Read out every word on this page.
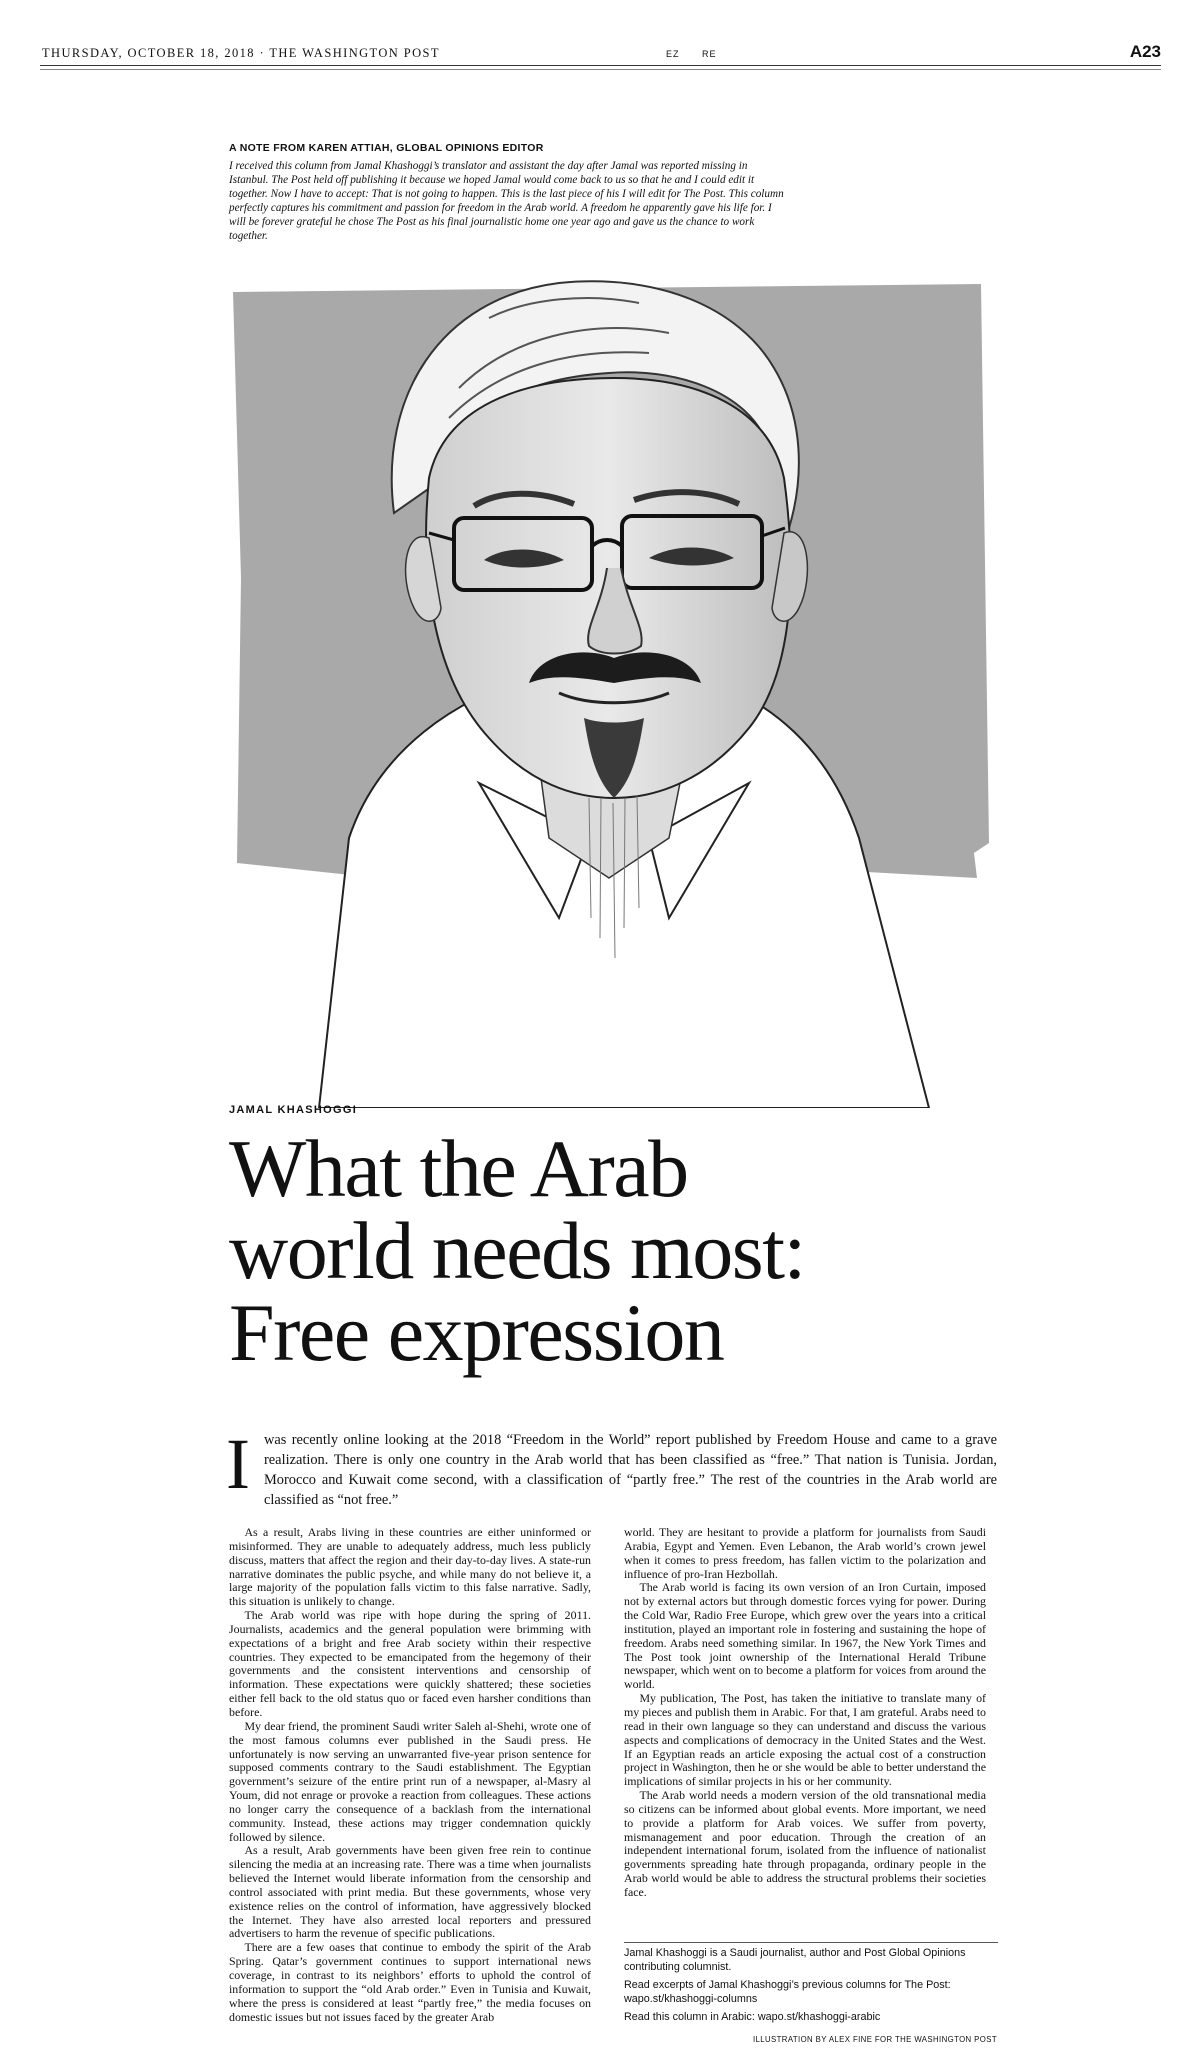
THURSDAY, OCTOBER 18, 2018 · THE WASHINGTON POST	EZ RE	A23
A NOTE FROM KAREN ATTIAH, GLOBAL OPINIONS EDITOR
I received this column from Jamal Khashoggi’s translator and assistant the day after Jamal was reported missing in Istanbul. The Post held off publishing it because we hoped Jamal would come back to us so that he and I could edit it together. Now I have to accept: That is not going to happen. This is the last piece of his I will edit for The Post. This column perfectly captures his commitment and passion for freedom in the Arab world. A freedom he apparently gave his life for. I will be forever grateful he chose The Post as his final journalistic home one year ago and gave us the chance to work together.
JAMAL KHASHOGGI
What the Arab
world needs most:
Free expression
I was recently online looking at the 2018 “Freedom in the World” report published by Freedom House and came to a grave realization. There is only one country in the Arab world that has been classified as “free.” That nation is Tunisia. Jordan, Morocco and Kuwait come second, with a classification of “partly free.” The rest of the countries in the Arab world are classified as “not free.”

As a result, Arabs living in these countries are either uninformed or misinformed. They are unable to adequately address, much less publicly discuss, matters that affect the region and their day-to-day lives. A state-run narrative dominates the public psyche, and while many do not believe it, a large majority of the population falls victim to this false narrative. Sadly, this situation is unlikely to change.

The Arab world was ripe with hope during the spring of 2011. Journalists, academics and the general population were brimming with expectations of a bright and free Arab society within their respective countries. They expected to be emancipated from the hegemony of their governments and the consistent interventions and censorship of information. These expectations were quickly shattered; these societies either fell back to the old status quo or faced even harsher conditions than before.

My dear friend, the prominent Saudi writer Saleh al-Shehi, wrote one of the most famous columns ever published in the Saudi press. He unfortunately is now serving an unwarranted five-year prison sentence for supposed comments contrary to the Saudi establishment. The Egyptian government’s seizure of the entire print run of a newspaper, al-Masry al Youm, did not enrage or provoke a reaction from colleagues. These actions no longer carry the consequence of a backlash from the international community. Instead, these actions may trigger condemnation quickly followed by silence.

As a result, Arab governments have been given free rein to continue silencing the media at an increasing rate. There was a time when journalists believed the Internet would liberate information from the censorship and control associated with print media. But these governments, whose very existence relies on the control of information, have aggressively blocked the Internet. They have also arrested local reporters and pressured advertisers to harm the revenue of specific publications.

There are a few oases that continue to embody the spirit of the Arab Spring. Qatar’s government continues to support international news coverage, in contrast to its neighbors’ efforts to uphold the control of information to support the “old Arab order.” Even in Tunisia and Kuwait, where the press is considered at least “partly free,” the media focuses on domestic issues but not issues faced by the greater Arab

world. They are hesitant to provide a platform for journalists from Saudi Arabia, Egypt and Yemen. Even Lebanon, the Arab world’s crown jewel when it comes to press freedom, has fallen victim to the polarization and influence of pro-Iran Hezbollah.

The Arab world is facing its own version of an Iron Curtain, imposed not by external actors but through domestic forces vying for power. During the Cold War, Radio Free Europe, which grew over the years into a critical institution, played an important role in fostering and sustaining the hope of freedom. Arabs need something similar. In 1967, the New York Times and The Post took joint ownership of the International Herald Tribune newspaper, which went on to become a platform for voices from around the world.

My publication, The Post, has taken the initiative to translate many of my pieces and publish them in Arabic. For that, I am grateful. Arabs need to read in their own language so they can understand and discuss the various aspects and complications of democracy in the United States and the West. If an Egyptian reads an article exposing the actual cost of a construction project in Washington, then he or she would be able to better understand the implications of similar projects in his or her community.

The Arab world needs a modern version of the old transnational media so citizens can be informed about global events. More important, we need to provide a platform for Arab voices. We suffer from poverty, mismanagement and poor education. Through the creation of an independent international forum, isolated from the influence of nationalist governments spreading hate through propaganda, ordinary people in the Arab world would be able to address the structural problems their societies face.

Jamal Khashoggi is a Saudi journalist, author and Post Global Opinions contributing columnist.

Read excerpts of Jamal Khashoggi’s previous columns for The Post: wapo.st/khashoggi-columns

Read this column in Arabic: wapo.st/khashoggi-arabic

ILLUSTRATION BY ALEX FINE FOR THE WASHINGTON POST
